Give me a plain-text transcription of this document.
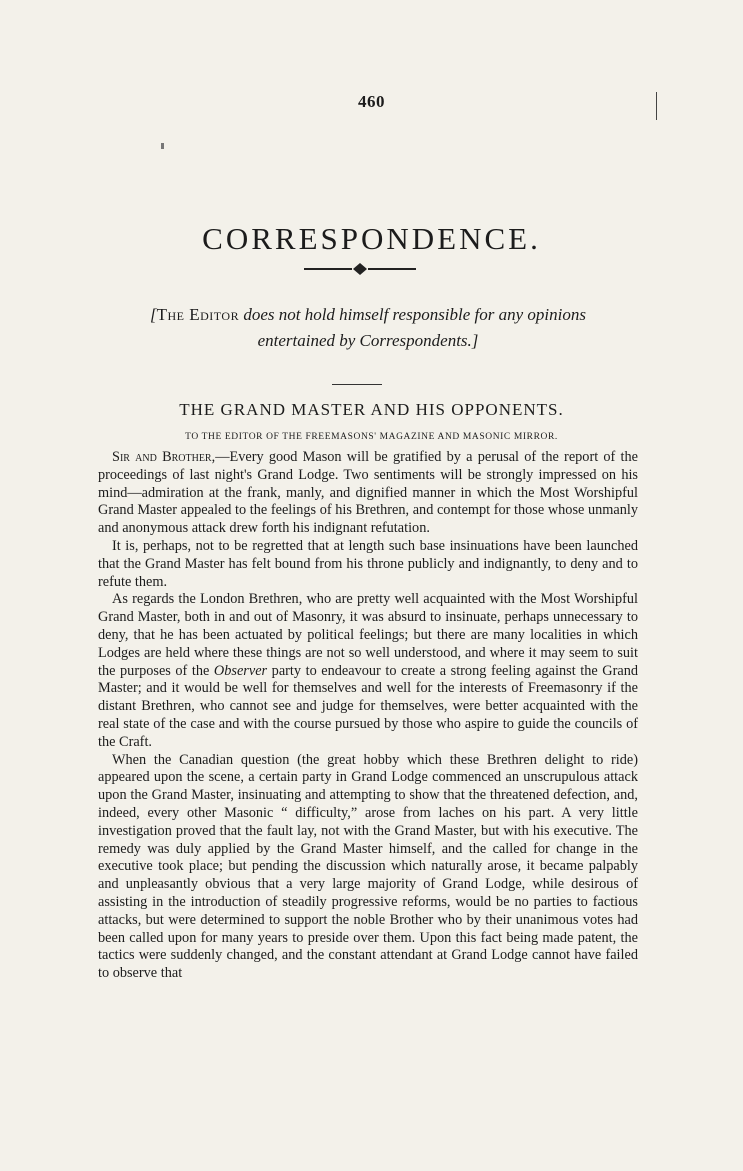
460
CORRESPONDENCE.
[The Editor does not hold himself responsible for any opinions entertained by Correspondents.]
THE GRAND MASTER AND HIS OPPONENTS.
TO THE EDITOR OF THE FREEMASONS' MAGAZINE AND MASONIC MIRROR.

Sir and Brother,—Every good Mason will be gratified by a perusal of the report of the proceedings of last night's Grand Lodge. Two sentiments will be strongly impressed on his mind—admiration at the frank, manly, and dignified manner in which the Most Worshipful Grand Master appealed to the feelings of his Brethren, and contempt for those whose unmanly and anonymous attack drew forth his indignant refutation.

It is, perhaps, not to be regretted that at length such base insinuations have been launched that the Grand Master has felt bound from his throne publicly and indignantly, to deny and to refute them.

As regards the London Brethren, who are pretty well acquainted with the Most Worshipful Grand Master, both in and out of Masonry, it was absurd to insinuate, perhaps unnecessary to deny, that he has been actuated by political feelings; but there are many localities in which Lodges are held where these things are not so well understood, and where it may seem to suit the purposes of the Observer party to endeavour to create a strong feeling against the Grand Master; and it would be well for themselves and well for the interests of Freemasonry if the distant Brethren, who cannot see and judge for themselves, were better acquainted with the real state of the case and with the course pursued by those who aspire to guide the councils of the Craft.

When the Canadian question (the great hobby which these Brethren delight to ride) appeared upon the scene, a certain party in Grand Lodge commenced an unscrupulous attack upon the Grand Master, insinuating and attempting to show that the threatened defection, and, indeed, every other Masonic “ difficulty,” arose from laches on his part. A very little investigation proved that the fault lay, not with the Grand Master, but with his executive. The remedy was duly applied by the Grand Master himself, and the called for change in the executive took place; but pending the discussion which naturally arose, it became palpably and unpleasantly obvious that a very large majority of Grand Lodge, while desirous of assisting in the introduction of steadily progressive reforms, would be no parties to factious attacks, but were determined to support the noble Brother who by their unanimous votes had been called upon for many years to preside over them. Upon this fact being made patent, the tactics were suddenly changed, and the constant attendant at Grand Lodge cannot have failed to observe that
